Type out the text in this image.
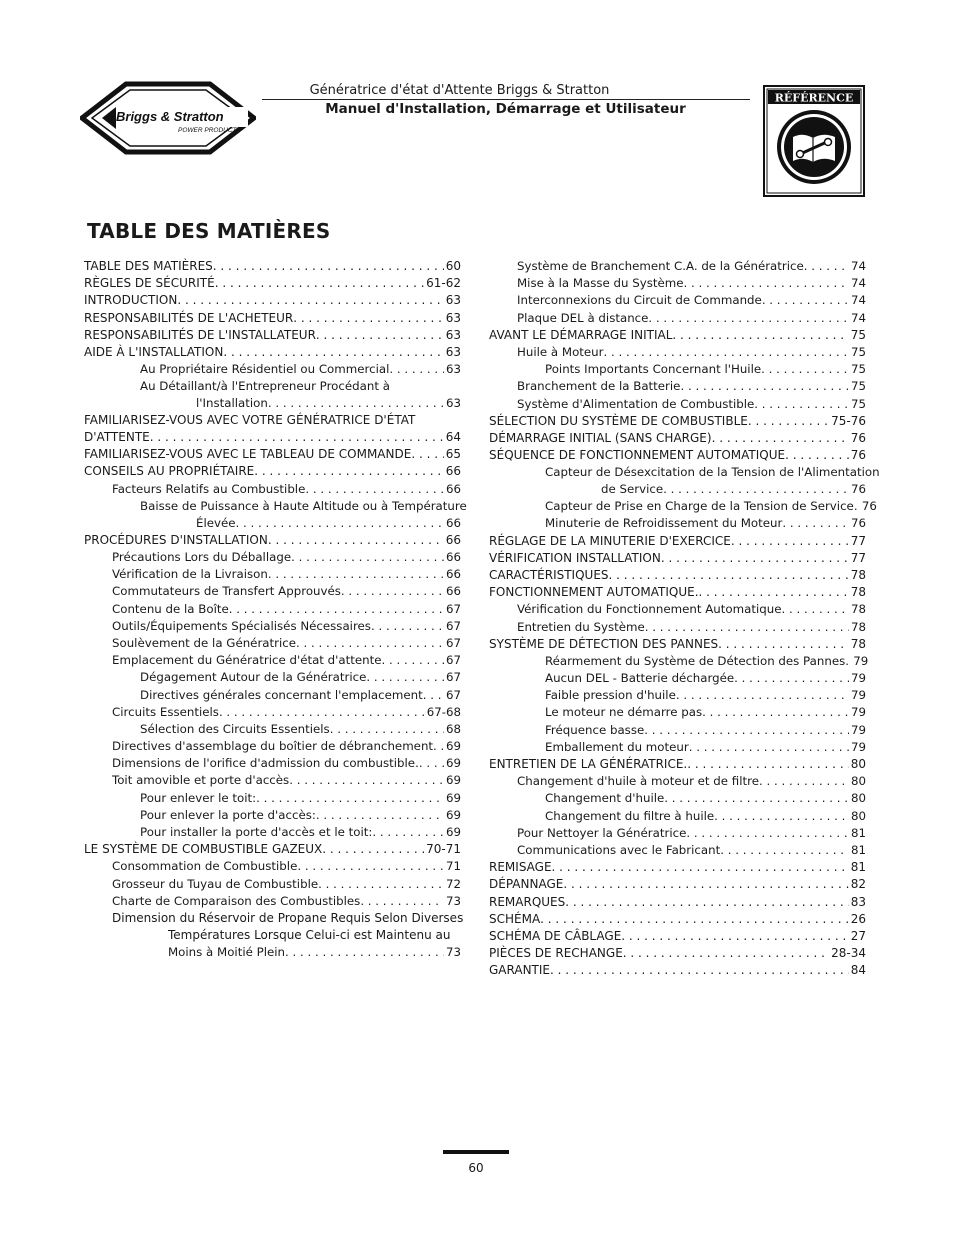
Briggs & Stratton
POWER PRODUCTS
Génératrice d'état d'Attente Briggs & Stratton
Manuel d'Installation, Démarrage et Utilisateur
RÉFÉRENCE
TABLE DES MATIÈRES
TABLE DES MATIÈRES . . .	60
RÈGLES DE SÉCURITÉ . . .	61-62
INTRODUCTION . . .	63
RESPONSABILITÉS DE L'ACHETEUR . . .	63
RESPONSABILITÉS DE L'INSTALLATEUR . . .	63
AIDE À L'INSTALLATION . . .	63
Au Propriétaire Résidentiel ou Commercial . . .	63
Au Détaillant/à l'Entrepreneur Procédant à
l'Installation . . .	63
FAMILIARISEZ-VOUS AVEC VOTRE GÉNÉRATRICE D'ÉTAT
D'ATTENTE . . .	64
FAMILIARISEZ-VOUS AVEC LE TABLEAU DE COMMANDE . . .	65
CONSEILS AU PROPRIÉTAIRE . . .	66
Facteurs Relatifs au Combustible . . .	66
Baisse de Puissance à Haute Altitude ou à Température
Élevée . . .	66
PROCÉDURES D'INSTALLATION . . .	66
Précautions Lors du Déballage . . .	66
Vérification de la Livraison . . .	66
Commutateurs de Transfert Approuvés . . .	66
Contenu de la Boîte . . .	67
Outils/Équipements Spécialisés Nécessaires . . .	67
Soulèvement de la Génératrice . . .	67
Emplacement du Génératrice d'état d'attente . . .	67
Dégagement Autour de la Génératrice . . .	67
Directives générales concernant l'emplacement . . . 67
Circuits Essentiels . . .	67-68
Sélection des Circuits Essentiels . . .	68
Directives d'assemblage du boîtier de débranchement . . . 69
Dimensions de l'orifice d'admission du combustible. . . . 69
Toit amovible et porte d'accès . . .	69
Pour enlever le toit: . . .	69
Pour enlever la porte d'accès: . . .	69
Pour installer la porte d'accès et le toit: . . .	69
LE SYSTÈME DE COMBUSTIBLE GAZEUX . . .	70-71
Consommation de Combustible . . .	71
Grosseur du Tuyau de Combustible . . .	72
Charte de Comparaison des Combustibles . . .	73
Dimension du Réservoir de Propane Requis Selon Diverses
Températures Lorsque Celui-ci est Maintenu au
Moins à Moitié Plein . . .	73
Système de Branchement C.A. de la Génératrice . . .	74
Mise à la Masse du Système . . .	74
Interconnexions du Circuit de Commande . . .	74
Plaque DEL à distance . . .	74
AVANT LE DÉMARRAGE INITIAL . . .	75
Huile à Moteur . . .	75
Points Importants Concernant l'Huile . . .	75
Branchement de la Batterie . . .	75
Système d'Alimentation de Combustible . . .	75
SÉLECTION DU SYSTÈME DE COMBUSTIBLE . . .	75-76
DÉMARRAGE INITIAL (SANS CHARGE) . . .	76
SÉQUENCE DE FONCTIONNEMENT AUTOMATIQUE . . .	76
Capteur de Désexcitation de la Tension de l'Alimentation
de Service . . .	76
Capteur de Prise en Charge de la Tension de Service . . . 76
Minuterie de Refroidissement du Moteur . . .	76
RÉGLAGE DE LA MINUTERIE D'EXERCICE . . .	77
VÉRIFICATION INSTALLATION . . .	77
CARACTÉRISTIQUES . . .	78
FONCTIONNEMENT AUTOMATIQUE. . . .	78
Vérification du Fonctionnement Automatique . . .	78
Entretien du Système . . .	78
SYSTÈME DE DÉTECTION DES PANNES . . .	78
Réarmement du Système de Détection des Pannes . . . 79
Aucun DEL - Batterie déchargée . . .	79
Faible pression d'huile . . .	79
Le moteur ne démarre pas . . .	79
Fréquence basse . . .	79
Emballement du moteur . . .	79
ENTRETIEN DE LA GÉNÉRATRICE. . . .	80
Changement d'huile à moteur et de filtre . . .	80
Changement d'huile . . .	80
Changement du filtre à huile . . .	80
Pour Nettoyer la Génératrice . . .	81
Communications avec le Fabricant . . .	81
REMISAGE . . .	81
DÉPANNAGE . . .	82
REMARQUES . . .	83
SCHÉMA . . .	26
SCHÉMA DE CÂBLAGE . . .	27
PIÈCES DE RECHANGE . . .	28-34
GARANTIE . . .	84
60
